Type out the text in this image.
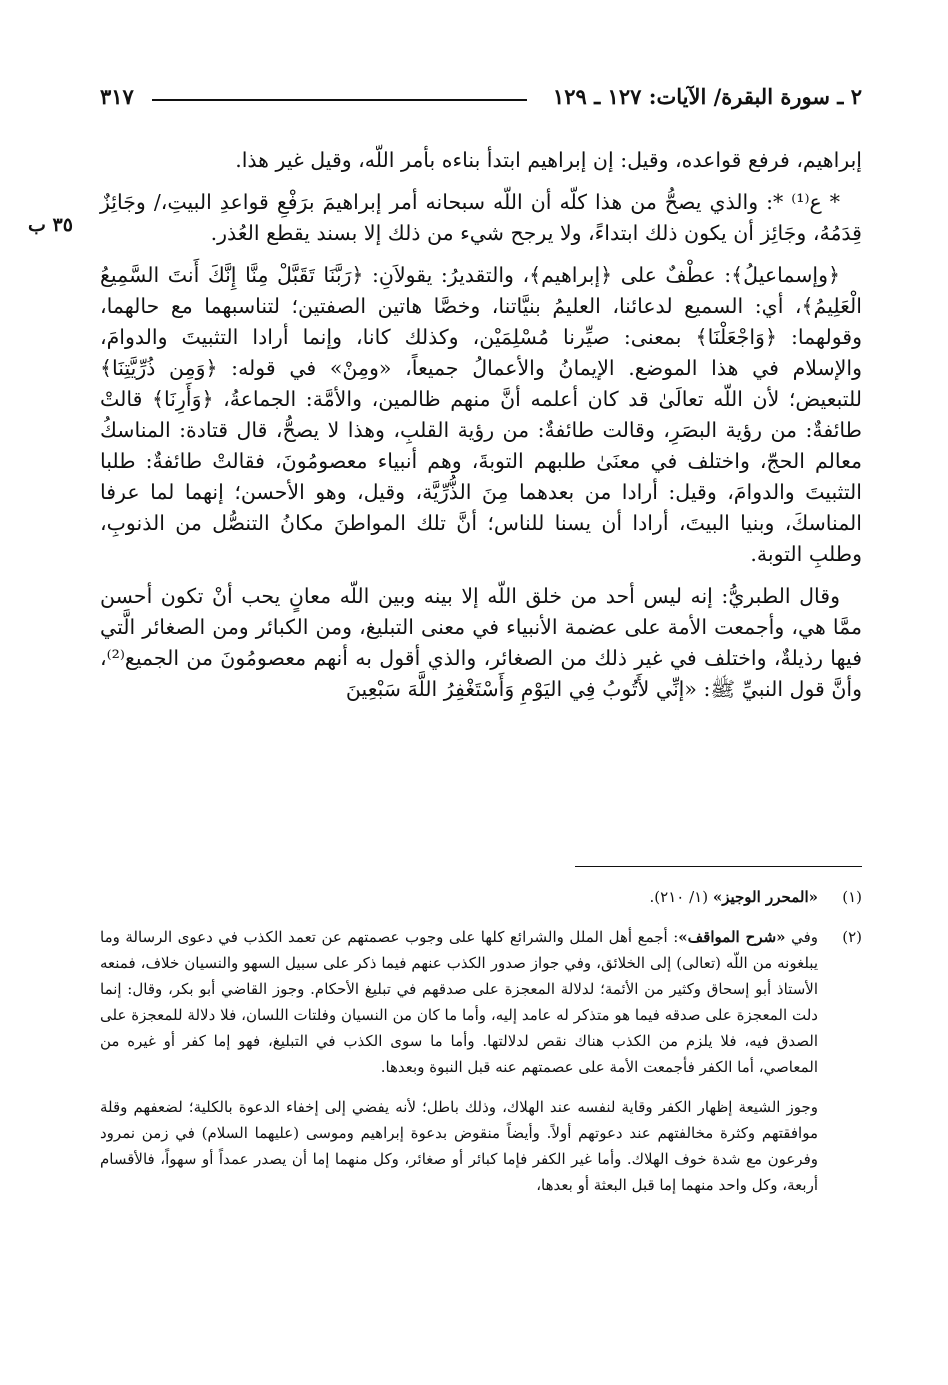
٢ ـ سورة البقرة/ الآيات: ١٢٧ ـ ١٢٩
٣١٧
٣٥ ب

إبراهيم، فرفع قواعده، وقيل: إن إبراهيم ابتدأ بناءه بأمر اللّه، وقيل غير هذا.

* ع⁽¹⁾ *: والذي يصحُّ من هذا كلّه أن اللّه سبحانه أمر إبراهيمَ برَفْعِ قواعدِ البيتِ،/ وجَائِزٌ قِدَمُهُ، وجَائِز أن يكون ذلك ابتداءً، ولا يرجح شيء من ذلك إلا بسند يقطع العُذر.

﴿وإسماعيلُ﴾: عطْفٌ على ﴿إبراهيم﴾، والتقديرُ: يقولاَنِ: ﴿رَبَّنَا تَقَبَّلْ مِنَّا إِنَّكَ أَنتَ السَّمِيعُ الْعَلِيمُ﴾، أي: السميع لدعائنا، العليمُ بنيَّاتنا، وخصَّا هاتين الصفتين؛ لتناسبهما مع حالهما، وقولهما: ﴿وَاجْعَلْنَا﴾ بمعنى: صيِّرنا مُسْلِمَيْن، وكذلك كانا، وإنما أرادا التثبيتَ والدوامَ، والإسلام في هذا الموضع. الإيمانُ والأعمالُ جميعاً، «ومِنْ» في قوله: ﴿وَمِن ذُرِّيَّتِنَا﴾ للتبعيض؛ لأن اللّه تعالَىٰ قد كان أعلمه أنَّ منهم ظالمين، والأمَّة: الجماعةُ، ﴿وَأَرِنَا﴾ قالتْ طائفةٌ: من رؤية البصَرِ، وقالت طائفةٌ: من رؤية القلبِ، وهذا لا يصحُّ، قال قتادة: المناسكُ معالم الحجّ، واختلف في معنَىٰ طلبهم التوبةَ، وهم أنبياء معصومُونَ، فقالتْ طائفةٌ: طلبا التثبيتَ والدوامَ، وقيل: أرادا من بعدهما مِنَ الذُّرِّيَّة، وقيل، وهو الأحسن؛ إنهما لما عرفا المناسكَ، وبنيا البيتَ، أرادا أن يسنا للناس؛ أنَّ تلك المواطنَ مكانُ التنصُّل من الذنوبِ، وطلبِ التوبة.

وقال الطبريُّ: إنه ليس أحد من خلق اللّه إلا بينه وبين اللّه معانٍ يحب أنْ تكون أحسن ممَّا هي، وأجمعت الأمة على عضمة الأنبياء في معنى التبليغ، ومن الكبائر ومن الصغائر الَّتي فيها رذيلةٌ، واختلف في غير ذلك من الصغائر، والذي أقول به أنهم معصومُونَ من الجميع⁽²⁾، وأنَّ قول النبيِّ ﷺ: «إنِّي لأَتُوبُ فِي اليَوْمِ وَأَسْتَغْفِرُ اللَّهَ سَبْعِينَ

(١)
«المحرر الوجيز» (١/ ٢١٠).
(٢)
وفي «شرح المواقف»: أجمع أهل الملل والشرائع كلها على وجوب عصمتهم عن تعمد الكذب في دعوى الرسالة وما يبلغونه من اللّه (تعالى) إلى الخلائق، وفي جواز صدور الكذب عنهم فيما ذكر على سبيل السهو والنسيان خلاف، فمنعه الأستاذ أبو إسحاق وكثير من الأئمة؛ لدلالة المعجزة على صدقهم في تبليغ الأحكام. وجوز القاضي أبو بكر، وقال: إنما دلت المعجزة على صدقه فيما هو متذكر له عامد إليه، وأما ما كان من النسيان وفلتات اللسان، فلا دلالة للمعجزة على الصدق فيه، فلا يلزم من الكذب هناك نقص لدلالتها. وأما ما سوى الكذب في التبليغ، فهو إما كفر أو غيره من المعاصي، أما الكفر فأجمعت الأمة على عصمتهم عنه قبل النبوة وبعدها.
وجوز الشيعة إظهار الكفر وقاية لنفسه عند الهلاك، وذلك باطل؛ لأنه يفضي إلى إخفاء الدعوة بالكلية؛ لضعفهم وقلة موافقتهم وكثرة مخالفتهم عند دعوتهم أولاً. وأيضاً منقوض بدعوة إبراهيم وموسى (عليهما السلام) في زمن نمرود وفرعون مع شدة خوف الهلاك. وأما غير الكفر فإما كبائر أو صغائر، وكل منهما إما أن يصدر عمداً أو سهواً، فالأقسام أربعة، وكل واحد منهما إما قبل البعثة أو بعدها،
